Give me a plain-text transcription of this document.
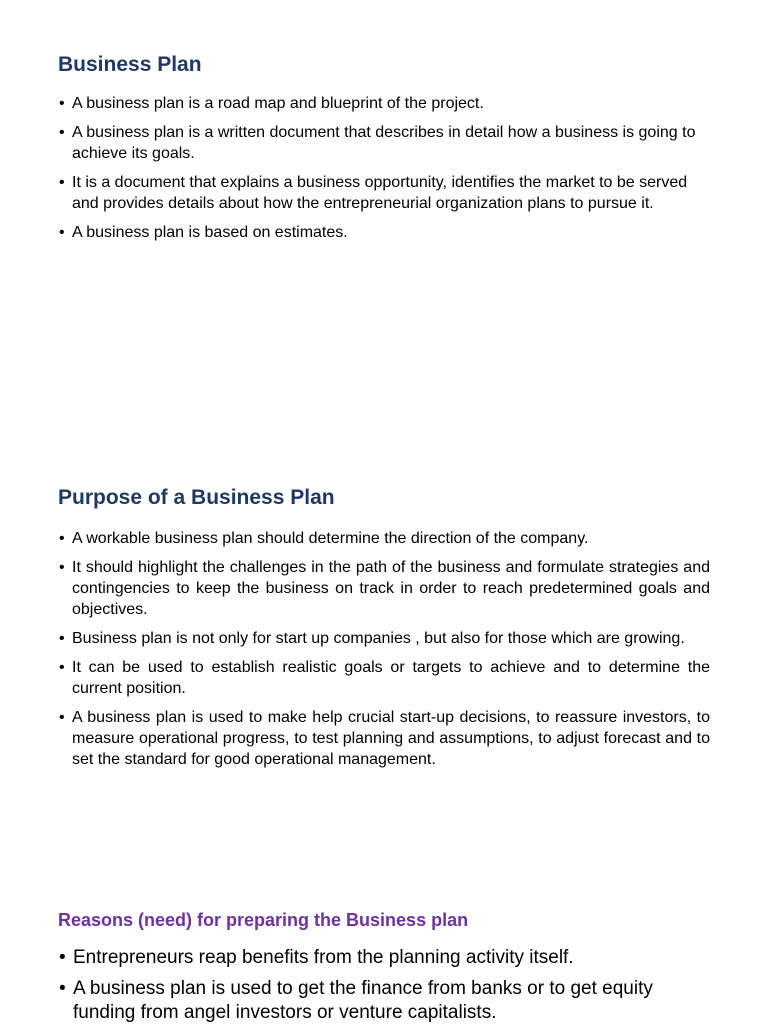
Business Plan
• A business plan is a road map and blueprint of the project.
• A business plan is a written document that describes in detail how a business is going to achieve its goals.
• It is a document that explains a business opportunity, identifies the market to be served and provides details about how the entrepreneurial organization plans to pursue it.
• A business plan is based on estimates.
Purpose of a Business Plan
• A workable business plan should determine the direction of the company.
• It should highlight the challenges in the path of the business and formulate strategies and contingencies to keep the business on track in order to reach predetermined goals and objectives.
• Business plan is not only for start up companies , but also for those which are growing.
• It can be used to establish realistic goals or targets to achieve and to determine the current position.
• A business plan is used to make help crucial start-up decisions, to reassure investors, to measure operational progress, to test planning and assumptions, to adjust forecast and to set the standard for good operational management.
Reasons (need) for preparing the Business plan
• Entrepreneurs reap benefits from the planning activity itself.
• A business plan is used to get the finance from banks or to get equity funding from angel investors or venture capitalists.
